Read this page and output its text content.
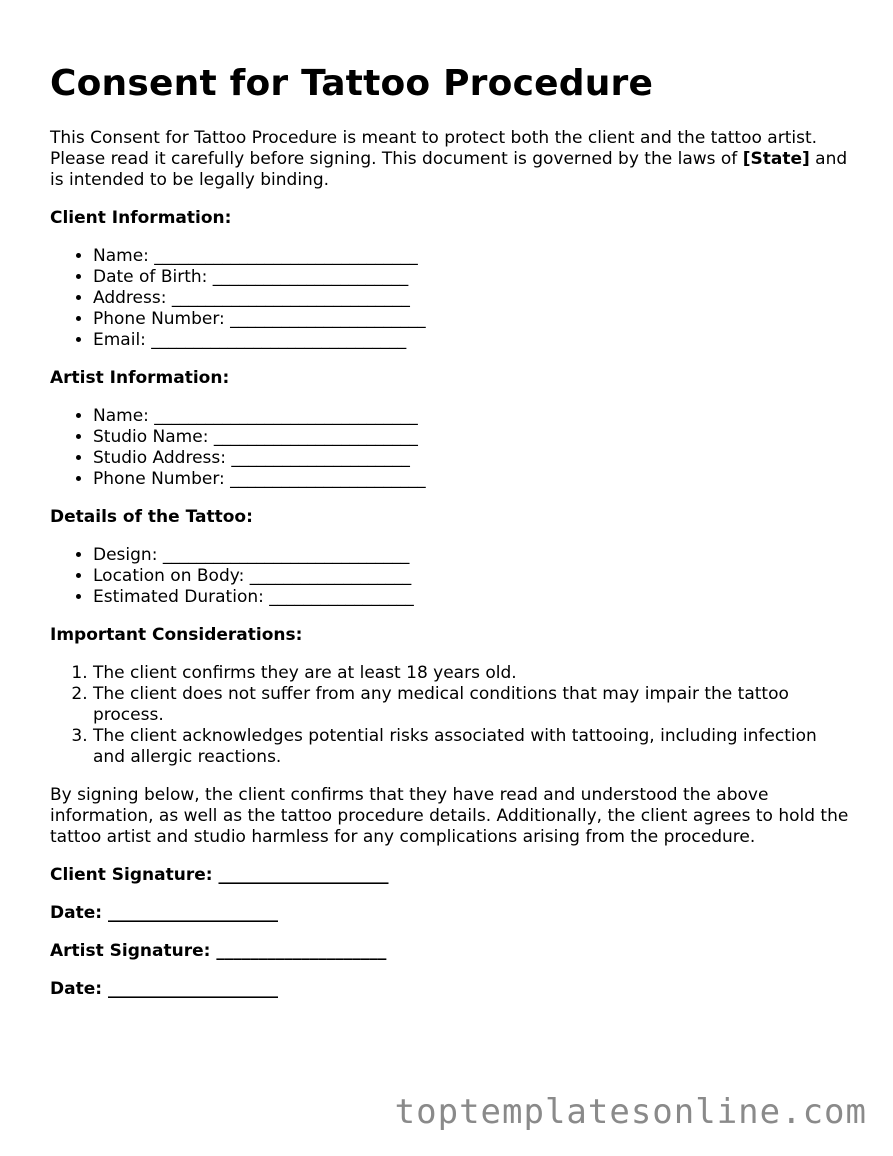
Consent for Tattoo Procedure

This Consent for Tattoo Procedure is meant to protect both the client and the tattoo artist. Please read it carefully before signing. This document is governed by the laws of [State] and is intended to be legally binding.

Client Information:

• Name: _______________________________
• Date of Birth: _______________________
• Address: ____________________________
• Phone Number: _______________________
• Email: ______________________________

Artist Information:

• Name: _______________________________
• Studio Name: ________________________
• Studio Address: _____________________
• Phone Number: _______________________

Details of the Tattoo:

• Design: _____________________________
• Location on Body: ___________________
• Estimated Duration: _________________

Important Considerations:

1. The client confirms they are at least 18 years old.
2. The client does not suffer from any medical conditions that may impair the tattoo process.
3. The client acknowledges potential risks associated with tattooing, including infection and allergic reactions.

By signing below, the client confirms that they have read and understood the above information, as well as the tattoo procedure details. Additionally, the client agrees to hold the tattoo artist and studio harmless for any complications arising from the procedure.

Client Signature: ____________________

Date: ____________________

Artist Signature: ____________________

Date: ____________________

toptemplatesonline.com
